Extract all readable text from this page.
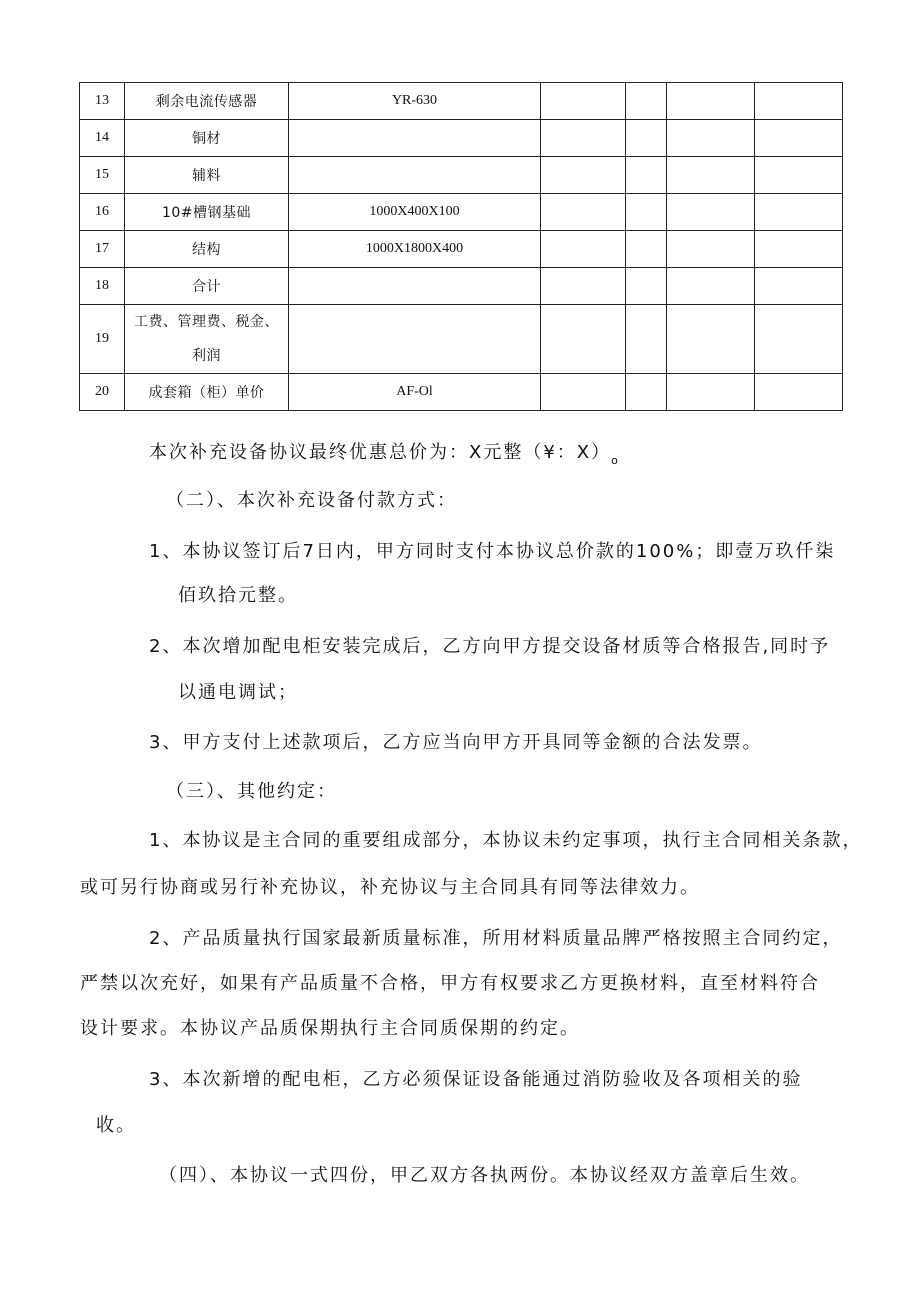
13	剩余电流传感器	YR-630				
14	铜材					
15	辅料					
16	10#槽钢基础	1000X400X100				
17	结构	1000X1800X400				
18	合计					
19	工费、管理费、税金、
利润					

20	成套箱（柜）单价	AF-Ol				
本次补充设备协议最终优惠总价为：X元整（¥：$X)_o$
（二）、本次补充设备付款方式：
1、本协议签订后7日内，甲方同时支付本协议总价款的100%；即壹万玖仟柒
佰玖拾元整。
2、本次增加配电柜安装完成后，乙方向甲方提交设备材质等合格报告,同时予
以通电调试；
3、甲方支付上述款项后，乙方应当向甲方开具同等金额的合法发票。
（三）、其他约定：
1、本协议是主合同的重要组成部分，本协议未约定事项，执行主合同相关条款，
或可另行协商或另行补充协议，补充协议与主合同具有同等法律效力。
2、产品质量执行国家最新质量标准，所用材料质量品牌严格按照主合同约定，
严禁以次充好，如果有产品质量不合格，甲方有权要求乙方更换材料，直至材料符合
设计要求。本协议产品质保期执行主合同质保期的约定。
3、本次新增的配电柜，乙方必须保证设备能通过消防验收及各项相关的验
收。
（四）、本协议一式四份，甲乙双方各执两份。本协议经双方盖章后生效。
